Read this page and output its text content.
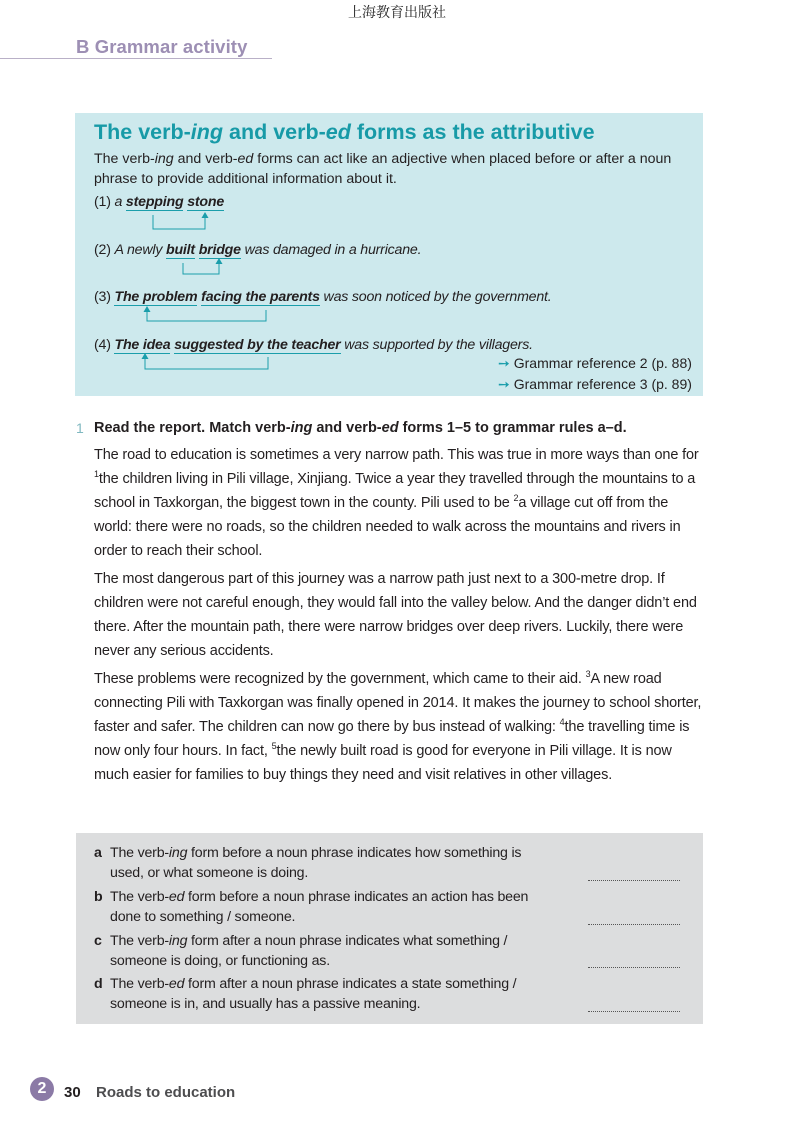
上海教育出版社
B Grammar activity
The verb-ing and verb-ed forms as the attributive
The verb-ing and verb-ed forms can act like an adjective when placed before or after a noun phrase to provide additional information about it.
(1) a stepping stone
(2) A newly built bridge was damaged in a hurricane.
(3) The problem facing the parents was soon noticed by the government.
(4) The idea suggested by the teacher was supported by the villagers.
➙ Grammar reference 2 (p. 88)
➙ Grammar reference 3 (p. 89)
1 Read the report. Match verb-ing and verb-ed forms 1–5 to grammar rules a–d.

The road to education is sometimes a very narrow path. This was true in more ways than one for $^1$the children living in Pili village, Xinjiang. Twice a year they travelled through the mountains to a school in Taxkorgan, the biggest town in the county. Pili used to be $^2$a village cut off from the world: there were no roads, so the children needed to walk across the mountains and rivers in order to reach their school.

The most dangerous part of this journey was a narrow path just next to a 300-metre drop. If children were not careful enough, they would fall into the valley below. And the danger didn’t end there. After the mountain path, there were narrow bridges over deep rivers. Luckily, there were never any serious accidents.

These problems were recognized by the government, which came to their aid. $^3$A new road connecting Pili with Taxkorgan was finally opened in 2014. It makes the journey to school shorter, faster and safer. The children can now go there by bus instead of walking: $^4$the travelling time is now only four hours. In fact, $^5$the newly built road is good for everyone in Pili village. It is now much easier for families to buy things they need and visit relatives in other villages.

a The verb-ing form before a noun phrase indicates how something is used, or what someone is doing.
b The verb-ed form before a noun phrase indicates an action has been done to something / someone.
c The verb-ing form after a noun phrase indicates what something / someone is doing, or functioning as.
d The verb-ed form after a noun phrase indicates a state something / someone is in, and usually has a passive meaning.
2	30 Roads to education
